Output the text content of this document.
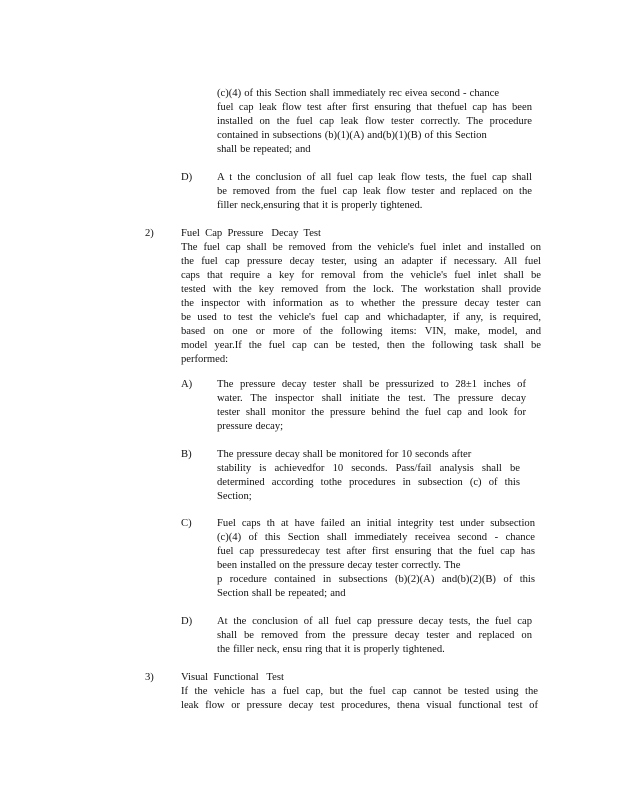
(c)(4) of this Section shall immediately rec eivea second - chance
fuel cap leak flow test after first ensuring that thefuel cap has been
installed on the fuel cap leak flow tester correctly. The procedure
contained in subsections (b)(1)(A) and(b)(1)(B) of this Section
shall be repeated; and
D) A t the conclusion of all fuel cap leak flow tests, the fuel cap shall
be removed from the fuel cap leak flow tester and replaced on the
filler neck,ensuring that it is properly tightened.
2)	Fuel  Cap  Pressure   Decay  Test
The fuel cap shall be removed from the vehicle's fuel inlet and installed on
the fuel cap pressure decay tester, using an adapter if necessary. All fuel
caps that require a key for removal from the vehicle's fuel inlet shall be
tested with the key removed from the lock. The workstation shall provide
the inspector with information as to whether the pressure decay tester can
be used to test the vehicle's fuel cap and whichadapter, if any, is required,
based on one or more of the following items: VIN, make, model, and
model year.If the fuel cap can be tested, then the following task shall be
performed:
A) The pressure decay tester shall be pressurized to 28±1 inches of
water. The inspector shall initiate the test. The pressure decay
tester shall monitor the pressure behind the fuel cap and look for
pressure decay;
B) The pressure decay shall be monitored for 10 seconds after
stability is achievedfor 10 seconds. Pass/fail analysis shall be
determined according tothe procedures in subsection (c) of this
Section;
C) Fuel caps th at have failed an initial integrity test under subsection
(c)(4) of this Section shall immediately receivea second - chance
fuel cap pressuredecay test after first ensuring that the fuel cap has
been installed on the pressure decay tester correctly. The
p rocedure contained in subsections (b)(2)(A) and(b)(2)(B) of this
Section shall be repeated; and
D) At the conclusion of all fuel cap pressure decay tests, the fuel cap
shall be removed from the pressure decay tester and replaced on
the filler neck, ensu ring that it is properly tightened.
3)	Visual  Functional   Test
If the vehicle has a fuel cap, but the fuel cap cannot be tested using the
leak flow or pressure decay test procedures, thena visual functional test of
